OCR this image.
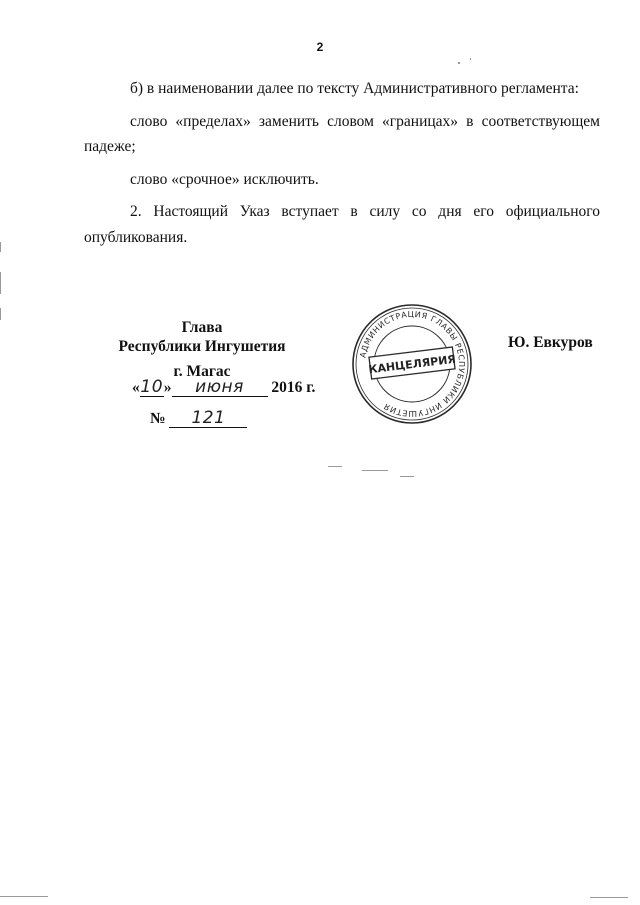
2

б) в наименовании далее по тексту Административного регламента:

слово «пределах» заменить словом «границах» в соответствующем

падеже;

слово «срочное» исключить.

2. Настоящий Указ вступает в силу со дня его официального

опубликования.

Глава
Республики Ингушетия	Ю. Евкуров
г. Магас
«10» июня 2016 г.
№ 121
АДМИНИСТРАЦИЯ ГЛАВЫ РЕСПУБЛИКИ ИНГУШЕТИЯ
КАНЦЕЛЯРИЯ
